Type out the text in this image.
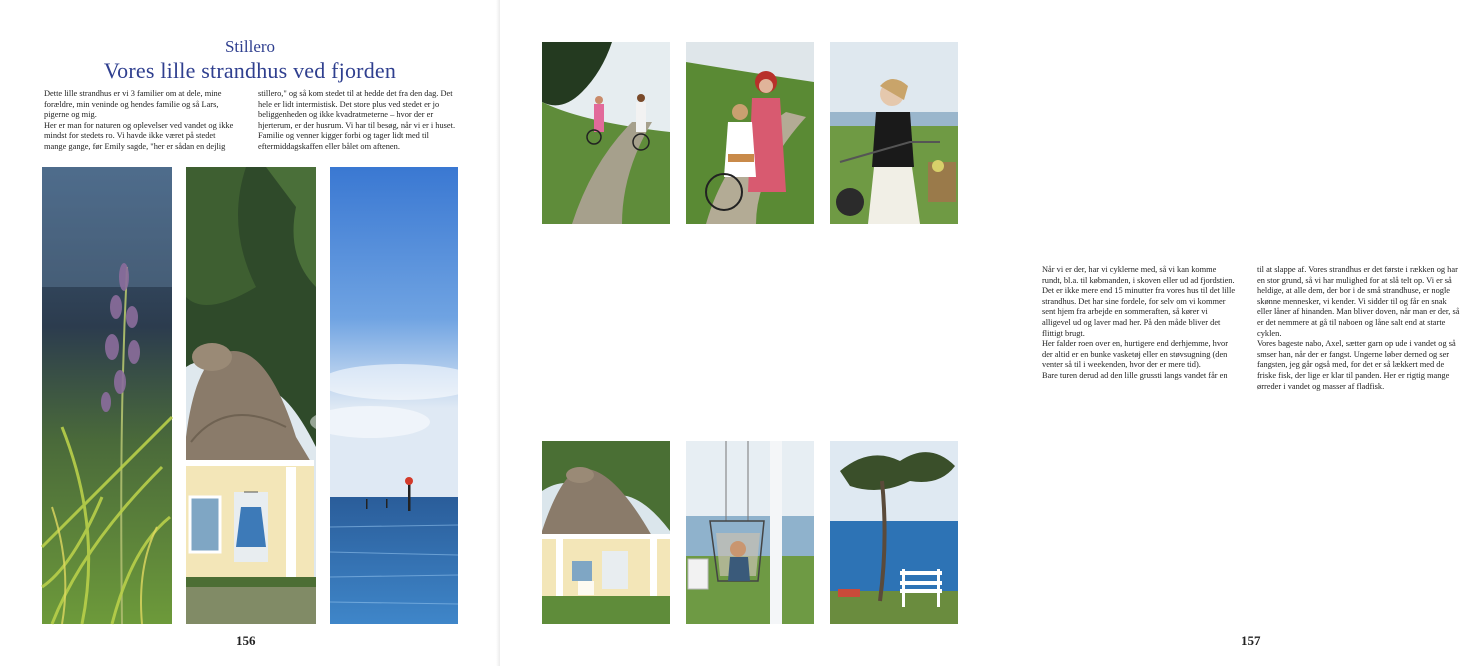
Stillero
Vores lille strandhus ved fjorden

Dette lille strandhus er vi 3 familier om at dele, mine forældre, min veninde og hendes familie og så Lars, pigerne og mig.

Her er man for naturen og oplevelser ved vandet og ikke mindst for stedets ro. Vi havde ikke været på stedet mange gange, før Emily sagde, "her er sådan en dejlig

stillero," og så kom stedet til at hedde det fra den dag. Det hele er lidt intermistisk. Det store plus ved stedet er jo beliggenheden og ikke kvadratmeterne – hvor der er hjerterum, er der husrum. Vi har til besøg, når vi er i huset. Familie og venner kigger forbi og tager lidt med til eftermiddagskaffen eller bålet om aftenen.

156

Når vi er der, har vi cyklerne med, så vi kan komme rundt, bl.a. til købmanden, i skoven eller ud ad fjordstien.

Det er ikke mere end 15 minutter fra vores hus til det lille strandhus. Det har sine fordele, for selv om vi kommer sent hjem fra arbejde en sommeraften, så kører vi alligevel ud og laver mad her. På den måde bliver det flittigt brugt.

Her falder roen over en, hurtigere end derhjemme, hvor der altid er en bunke vasketøj eller en støvsugning (den venter så til i weekenden, hvor der er mere tid).

Bare turen derud ad den lille grussti langs vandet får en

til at slappe af. Vores strandhus er det første i rækken og har en stor grund, så vi har mulighed for at slå telt op. Vi er så heldige, at alle dem, der bor i de små strandhuse, er nogle skønne mennesker, vi kender. Vi sidder til og får en snak eller låner af hinanden. Man bliver doven, når man er der, så er det nemmere at gå til naboen og låne salt end at starte cyklen.

Vores bageste nabo, Axel, sætter garn op ude i vandet og så smser han, når der er fangst. Ungerne løber derned og ser fangsten, jeg går også med, for det er så lækkert med de friske fisk, der lige er klar til panden. Her er rigtig mange ørreder i vandet og masser af fladfisk.

157
